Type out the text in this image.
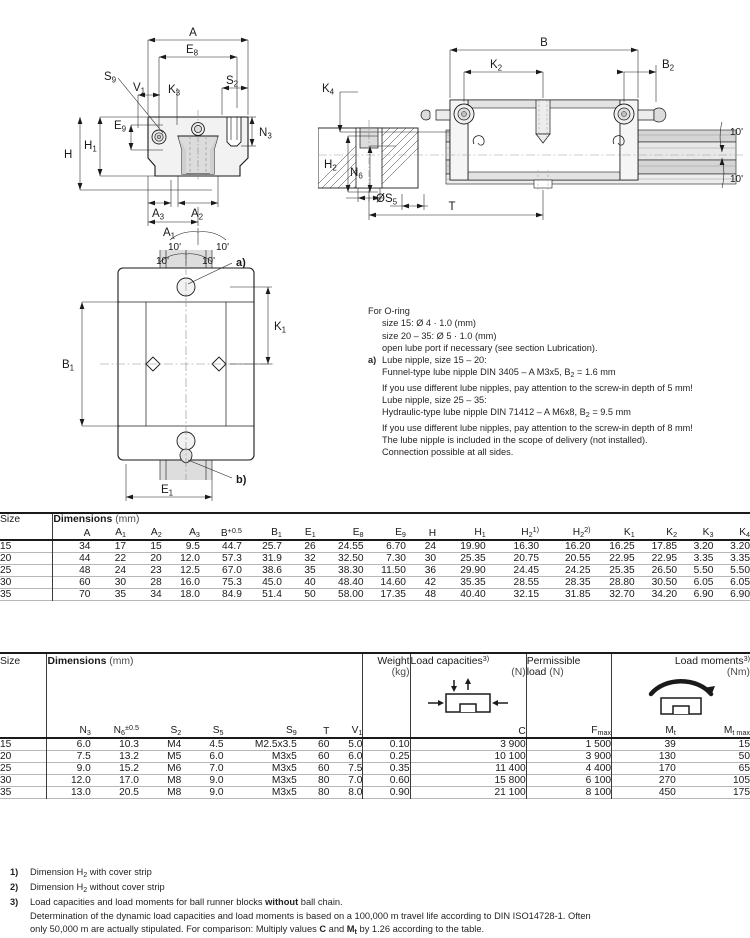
A
$E_8$
$S_9$
$V_1$ $K_3$
$S_2$
$E_9$
H
$H_1$
$N_3$
$A_3$ $A_2$
$A_1$
10'	10'
B
$K_2$	$B_2$
$K_4$
T
10'
10'
$H_2$ $N_6$
$ØS_5$
$B_1$
$K_1$
$E_1$
10'	10' a)
b)
For O-ring
size 15: Ø 4 · 1.0 (mm)
size 20 – 35: Ø 5 · 1.0 (mm)
open lube port if necessary (see section Lubrication).
a) Lube nipple, size 15 – 20:
Funnel-type lube nipple DIN 3405 – A M3x5, $B_2 = 1.6$ mm
If you use different lube nipples, pay attention to the screw-in depth of 5 mm!
Lube nipple, size 25 – 35:
Hydraulic-type lube nipple DIN 71412 – A M6x8, $B_2 = 9.5$ mm
If you use different lube nipples, pay attention to the screw-in depth of 8 mm!
The lube nipple is included in the scope of delivery (not installed).
Connection possible at all sides.
Size	Dimensions (mm)																
	A	$A_1$	$A_2$	$A_3$	$B^{+0.5}$	$B_1$	$E_1$	$E_8$	$E_9$	H	$H_1$	$H_2^{1)}$	$H_2^{2)}$	$K_1$	$K_2$	$K_3$	$K_4$
15	34	17	15	9.5	44.7	25.7	26	24.55	6.70	24	19.90	16.30	16.20	16.25	17.85	3.20	3.20
20	44	22	20	12.0	57.3	31.9	32	32.50	7.30	30	25.35	20.75	20.55	22.95	22.95	3.35	3.35
25	48	24	23	12.5	67.0	38.6	35	38.30	11.50	36	29.90	24.45	24.25	25.35	26.50	5.50	5.50
30	60	30	28	16.0	75.3	45.0	40	48.40	14.60	42	35.35	28.55	28.35	28.80	30.50	6.05	6.05
35	70	35	34	18.0	84.9	51.4	50	58.00	17.35	48	40.40	32.15	31.85	32.70	34.20	6.90	6.90

Size	Dimensions (mm)							Weight	Load capacities$^{3)}$	Permissible	Load moments$^{3)}$
								(kg)	(N)	load (N)	(Nm)	

	$N_3$	$N_6^{\pm 0.5}$	$S_2$	$S_5$	$S_9$	T	$V_1$		C	$F_{max}$	$M_t$	$M_{t max}$
15	6.0	10.3	M4	4.5	M2.5x3.5	60	5.0	0.10	3 900	1 500	39	15
20	7.5	13.2	M5	6.0	M3x5	60	6.0	0.25	10 100	3 900	130	50
25	9.0	15.2	M6	7.0	M3x5	60	7.5	0.35	11 400	4 400	170	65
30	12.0	17.0	M8	9.0	M3x5	80	7.0	0.60	15 800	6 100	270	105
35	13.0	20.5	M8	9.0	M3x5	80	8.0	0.90	21 100	8 100	450	175

1) Dimension $H_2$ with cover strip
2) Dimension $H_2$ without cover strip
3) Load capacities and load moments for ball runner blocks without ball chain.
Determination of the dynamic load capacities and load moments is based on a 100,000 m travel life according to DIN ISO14728-1. Often
only 50,000 m are actually stipulated. For comparison: Multiply values C and $M_t$ by 1.26 according to the table.
